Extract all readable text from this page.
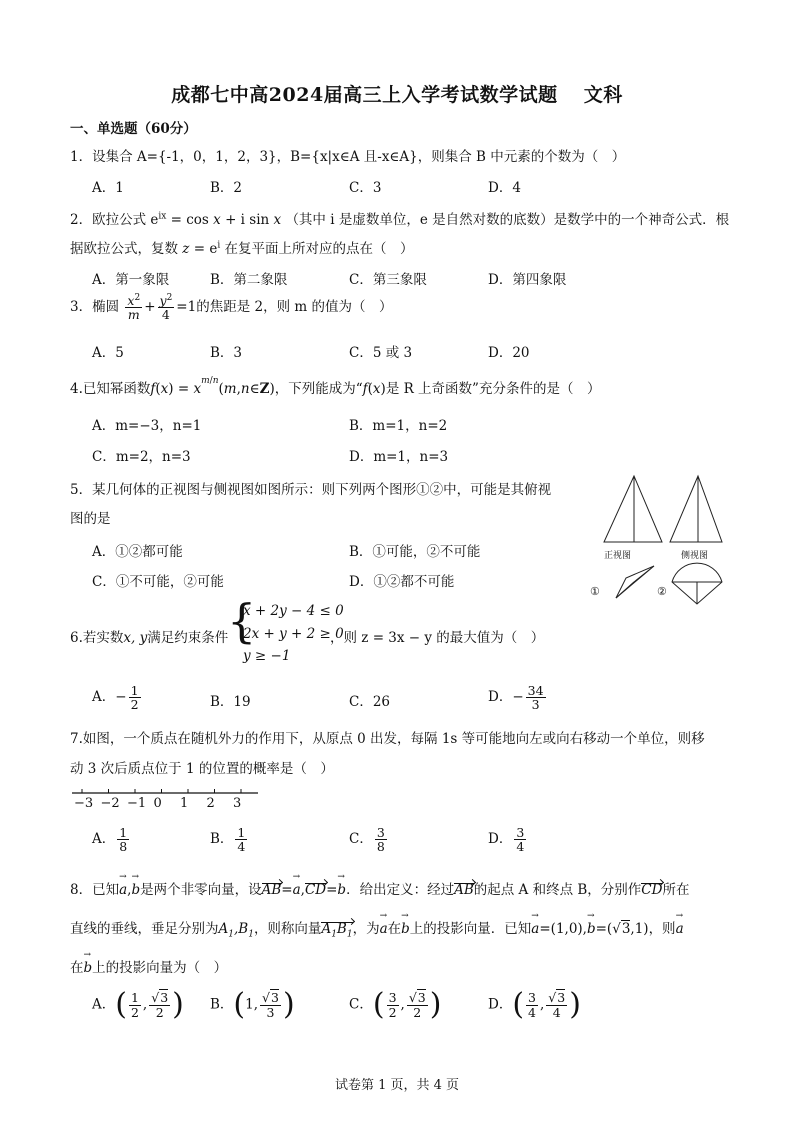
成都七中高2024届高三上入学考试数学试题 文科
一、单选题（60分）
1．设集合 A={-1，0，1，2，3}，B={x|x∈A 且-x∈A}，则集合 B 中元素的个数为（　）
A．1	B．2	C．3	D．4
2．欧拉公式 $e^{ix} = \cos x + i$ sin x （其中 i 是虚数单位，e 是自然对数的底数）是数学中的一个神奇公式．根
据欧拉公式，复数 $z = e^i$ 在复平面上所对应的点在（　）
A．第一象限	B．第二象限	C．第三象限	D．第四象限
3．椭圆 $\frac{x^2}{m} + \frac{y^2}{4} =1$的焦距是 2，则 m 的值为（　）
A．5	B．3	C．5 或 3	D．20
4.已知幂函数$f(x) = x^{m/n}(m,n\in Z)$，下列能成为“f(x)是 R 上奇函数”充分条件的是（　）
A．m=−3，n=1	B．m=1，n=2
C．m=2，n=3	D．m=1，n=3
5．某几何体的正视图与侧视图如图所示：则下列两个图形①②中，可能是其俯视
图的是
A．①②都可能	B．①可能，②不可能
C．①不可能，②可能	D．①②都不可能
正视图	侧视图
①	②
6.若实数x, y满足约束条件
{
x + 2y − 4 ≤ 0
2x + y + 2 ≥ 0
y ≥ −1
，则 z = 3x − y 的最大值为（　）
A．− $\frac{1}{2}$	B．19	C．26	D．− $\frac{34}{3}$
7.如图，一个质点在随机外力的作用下，从原点 0 出发，每隔 1s 等可能地向左或向右移动一个单位，则移
动 3 次后质点位于 1 的位置的概率是（　）
−3 −2 −1 0 1 2 3
A． $\frac{1}{8}$	B． $\frac{1}{4}$	C． $\frac{3}{8}$	D． $\frac{3}{4}$
8．已知→ a,→ b是两个非零向量，设AB=→ a,CD=→ b．给出定义：经过AB的起点 A 和终点 B，分别作CD所在
直线的垂线，垂足分别为$A_1,B_1$，则称向量$A_1B_1$，为→ a在→ b上的投影向量．已知→ a=(1,0),→ b=(√3,1)，则→ a
在→ b上的投影向量为（　）
A．( $\frac{1}{2}$ , $\frac{√3}{2}$ ) B．(1, $\frac{√3}{3}$ )	C．( $\frac{3}{2}$ , $\frac{√3}{2}$ )	D．( $\frac{3}{4}$ , $\frac{√3}{4}$ )
试卷第 1 页，共 4 页
